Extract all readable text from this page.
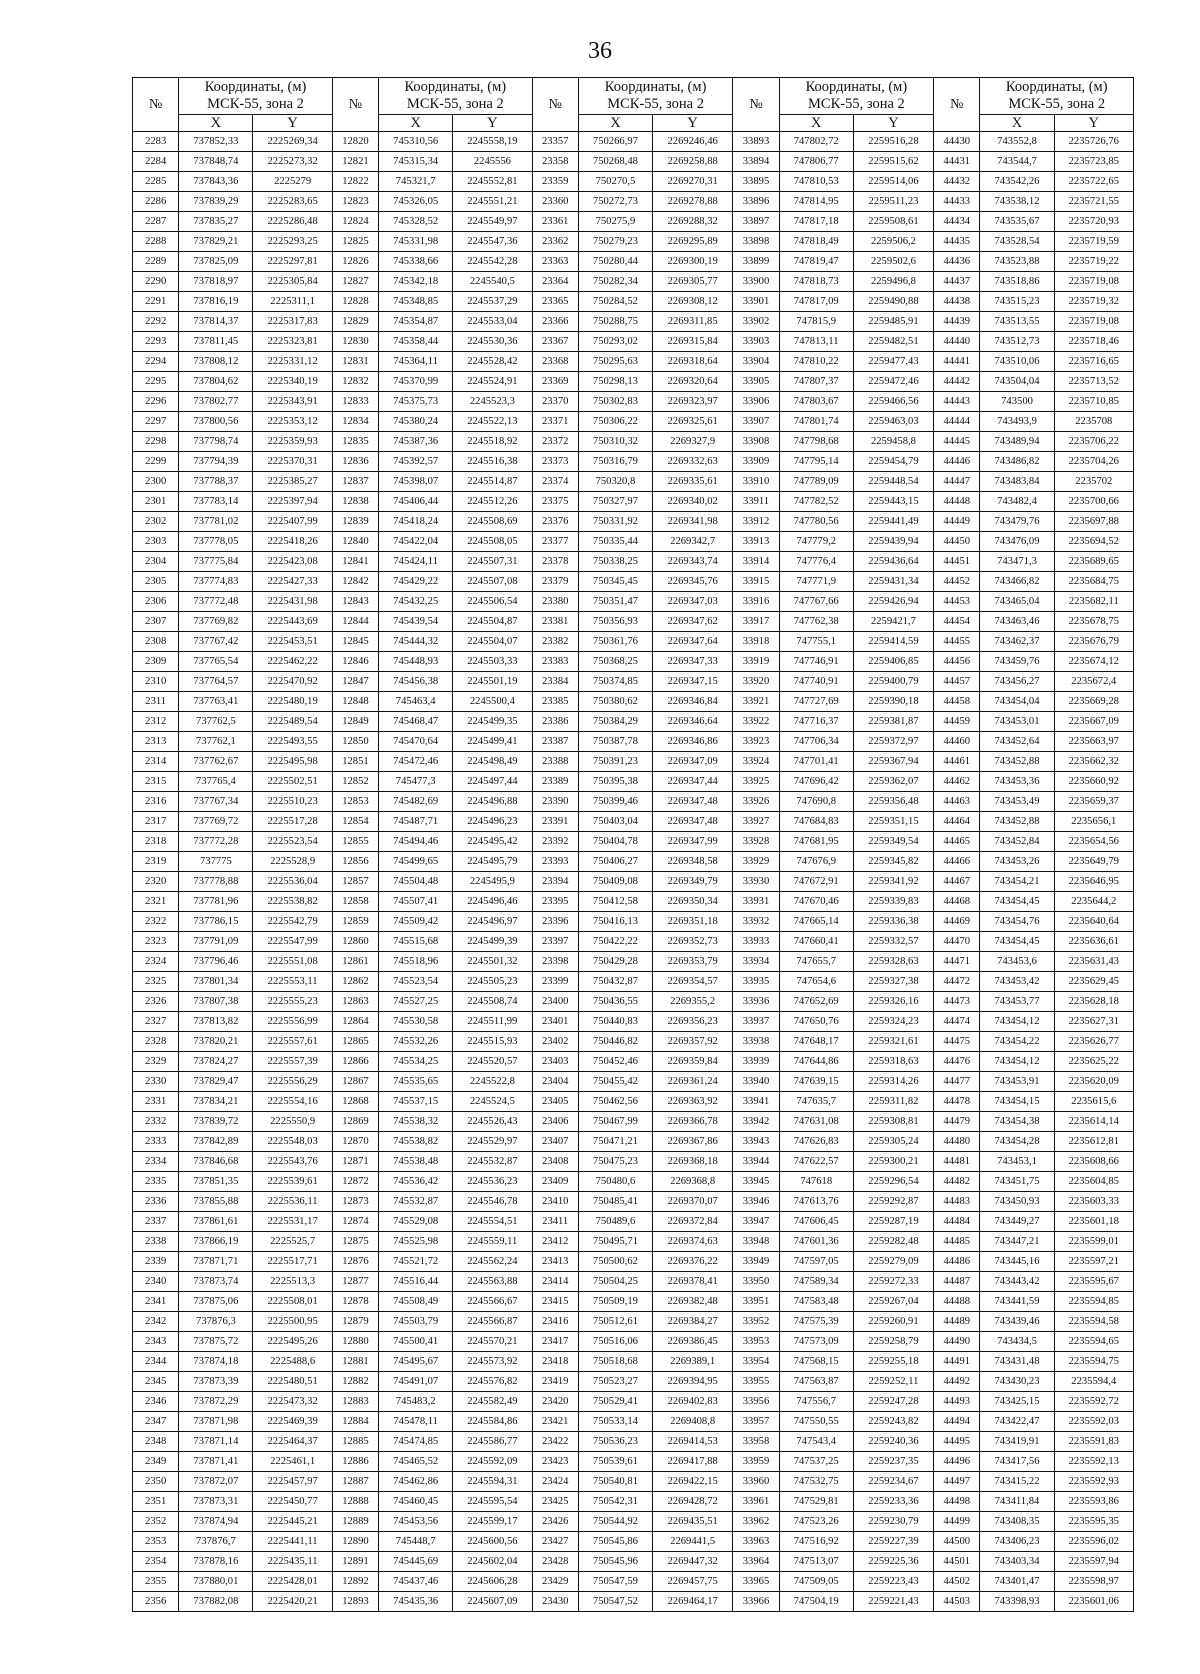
36
№	Координаты, (м)
МСК-55, зона 2		№	Координаты, (м)
МСК-55, зона 2		№	Координаты, (м)
МСК-55, зона 2		№	Координаты, (м)
МСК-55, зона 2		№	Координаты, (м)
МСК-55, зона 2	
	X	Y		X	Y		X	Y		X	Y		X	Y
2283	737852,33	2225269,34	12820	745310,56	2245558,19	23357	750266,97	2269246,46	33893	747802,72	2259516,28	44430	743552,8	2235726,76
2284	737848,74	2225273,32	12821	745315,34	2245556	23358	750268,48	2269258,88	33894	747806,77	2259515,62	44431	743544,7	2235723,85
2285	737843,36	2225279	12822	745321,7	2245552,81	23359	750270,5	2269270,31	33895	747810,53	2259514,06	44432	743542,26	2235722,65
2286	737839,29	2225283,65	12823	745326,05	2245551,21	23360	750272,73	2269278,88	33896	747814,95	2259511,23	44433	743538,12	2235721,55
2287	737835,27	2225286,48	12824	745328,52	2245549,97	23361	750275,9	2269288,32	33897	747817,18	2259508,61	44434	743535,67	2235720,93
2288	737829,21	2225293,25	12825	745331,98	2245547,36	23362	750279,23	2269295,89	33898	747818,49	2259506,2	44435	743528,54	2235719,59
2289	737825,09	2225297,81	12826	745338,66	2245542,28	23363	750280,44	2269300,19	33899	747819,47	2259502,6	44436	743523,88	2235719,22
2290	737818,97	2225305,84	12827	745342,18	2245540,5	23364	750282,34	2269305,77	33900	747818,73	2259496,8	44437	743518,86	2235719,08
2291	737816,19	2225311,1	12828	745348,85	2245537,29	23365	750284,52	2269308,12	33901	747817,09	2259490,88	44438	743515,23	2235719,32
2292	737814,37	2225317,83	12829	745354,87	2245533,04	23366	750288,75	2269311,85	33902	747815,9	2259485,91	44439	743513,55	2235719,08
2293	737811,45	2225323,81	12830	745358,44	2245530,36	23367	750293,02	2269315,84	33903	747813,11	2259482,51	44440	743512,73	2235718,46
2294	737808,12	2225331,12	12831	745364,11	2245528,42	23368	750295,63	2269318,64	33904	747810,22	2259477,43	44441	743510,06	2235716,65
2295	737804,62	2225340,19	12832	745370,99	2245524,91	23369	750298,13	2269320,64	33905	747807,37	2259472,46	44442	743504,04	2235713,52
2296	737802,77	2225343,91	12833	745375,73	2245523,3	23370	750302,83	2269323,97	33906	747803,67	2259466,56	44443	743500	2235710,85
2297	737800,56	2225353,12	12834	745380,24	2245522,13	23371	750306,22	2269325,61	33907	747801,74	2259463,03	44444	743493,9	2235708
2298	737798,74	2225359,93	12835	745387,36	2245518,92	23372	750310,32	2269327,9	33908	747798,68	2259458,8	44445	743489,94	2235706,22
2299	737794,39	2225370,31	12836	745392,57	2245516,38	23373	750316,79	2269332,63	33909	747795,14	2259454,79	44446	743486,82	2235704,26
2300	737788,37	2225385,27	12837	745398,07	2245514,87	23374	750320,8	2269335,61	33910	747789,09	2259448,54	44447	743483,84	2235702
2301	737783,14	2225397,94	12838	745406,44	2245512,26	23375	750327,97	2269340,02	33911	747782,52	2259443,15	44448	743482,4	2235700,66
2302	737781,02	2225407,99	12839	745418,24	2245508,69	23376	750331,92	2269341,98	33912	747780,56	2259441,49	44449	743479,76	2235697,88
2303	737778,05	2225418,26	12840	745422,04	2245508,05	23377	750335,44	2269342,7	33913	747779,2	2259439,94	44450	743476,09	2235694,52
2304	737775,84	2225423,08	12841	745424,11	2245507,31	23378	750338,25	2269343,74	33914	747776,4	2259436,64	44451	743471,3	2235689,65
2305	737774,83	2225427,33	12842	745429,22	2245507,08	23379	750345,45	2269345,76	33915	747771,9	2259431,34	44452	743466,82	2235684,75
2306	737772,48	2225431,98	12843	745432,25	2245506,54	23380	750351,47	2269347,03	33916	747767,66	2259426,94	44453	743465,04	2235682,11
2307	737769,82	2225443,69	12844	745439,54	2245504,87	23381	750356,93	2269347,62	33917	747762,38	2259421,7	44454	743463,46	2235678,75
2308	737767,42	2225453,51	12845	745444,32	2245504,07	23382	750361,76	2269347,64	33918	747755,1	2259414,59	44455	743462,37	2235676,79
2309	737765,54	2225462,22	12846	745448,93	2245503,33	23383	750368,25	2269347,33	33919	747746,91	2259406,85	44456	743459,76	2235674,12
2310	737764,57	2225470,92	12847	745456,38	2245501,19	23384	750374,85	2269347,15	33920	747740,91	2259400,79	44457	743456,27	2235672,4
2311	737763,41	2225480,19	12848	745463,4	2245500,4	23385	750380,62	2269346,84	33921	747727,69	2259390,18	44458	743454,04	2235669,28
2312	737762,5	2225489,54	12849	745468,47	2245499,35	23386	750384,29	2269346,64	33922	747716,37	2259381,87	44459	743453,01	2235667,09
2313	737762,1	2225493,55	12850	745470,64	2245499,41	23387	750387,78	2269346,86	33923	747706,34	2259372,97	44460	743452,64	2235663,97
2314	737762,67	2225495,98	12851	745472,46	2245498,49	23388	750391,23	2269347,09	33924	747701,41	2259367,94	44461	743452,88	2235662,32
2315	737765,4	2225502,51	12852	745477,3	2245497,44	23389	750395,38	2269347,44	33925	747696,42	2259362,07	44462	743453,36	2235660,92
2316	737767,34	2225510,23	12853	745482,69	2245496,88	23390	750399,46	2269347,48	33926	747690,8	2259356,48	44463	743453,49	2235659,37
2317	737769,72	2225517,28	12854	745487,71	2245496,23	23391	750403,04	2269347,48	33927	747684,83	2259351,15	44464	743452,88	2235656,1
2318	737772,28	2225523,54	12855	745494,46	2245495,42	23392	750404,78	2269347,99	33928	747681,95	2259349,54	44465	743452,84	2235654,56
2319	737775	2225528,9	12856	745499,65	2245495,79	23393	750406,27	2269348,58	33929	747676,9	2259345,82	44466	743453,26	2235649,79
2320	737778,88	2225536,04	12857	745504,48	2245495,9	23394	750409,08	2269349,79	33930	747672,91	2259341,92	44467	743454,21	2235646,95
2321	737781,96	2225538,82	12858	745507,41	2245496,46	23395	750412,58	2269350,34	33931	747670,46	2259339,83	44468	743454,45	2235644,2
2322	737786,15	2225542,79	12859	745509,42	2245496,97	23396	750416,13	2269351,18	33932	747665,14	2259336,38	44469	743454,76	2235640,64
2323	737791,09	2225547,99	12860	745515,68	2245499,39	23397	750422,22	2269352,73	33933	747660,41	2259332,57	44470	743454,45	2235636,61
2324	737796,46	2225551,08	12861	745518,96	2245501,32	23398	750429,28	2269353,79	33934	747655,7	2259328,63	44471	743453,6	2235631,43
2325	737801,34	2225553,11	12862	745523,54	2245505,23	23399	750432,87	2269354,57	33935	747654,6	2259327,38	44472	743453,42	2235629,45
2326	737807,38	2225555,23	12863	745527,25	2245508,74	23400	750436,55	2269355,2	33936	747652,69	2259326,16	44473	743453,77	2235628,18
2327	737813,82	2225556,99	12864	745530,58	2245511,99	23401	750440,83	2269356,23	33937	747650,76	2259324,23	44474	743454,12	2235627,31
2328	737820,21	2225557,61	12865	745532,26	2245515,93	23402	750446,82	2269357,92	33938	747648,17	2259321,61	44475	743454,22	2235626,77
2329	737824,27	2225557,39	12866	745534,25	2245520,57	23403	750452,46	2269359,84	33939	747644,86	2259318,63	44476	743454,12	2235625,22
2330	737829,47	2225556,29	12867	745535,65	2245522,8	23404	750455,42	2269361,24	33940	747639,15	2259314,26	44477	743453,91	2235620,09
2331	737834,21	2225554,16	12868	745537,15	2245524,5	23405	750462,56	2269363,92	33941	747635,7	2259311,82	44478	743454,15	2235615,6
2332	737839,72	2225550,9	12869	745538,32	2245526,43	23406	750467,99	2269366,78	33942	747631,08	2259308,81	44479	743454,38	2235614,14
2333	737842,89	2225548,03	12870	745538,82	2245529,97	23407	750471,21	2269367,86	33943	747626,83	2259305,24	44480	743454,28	2235612,81
2334	737846,68	2225543,76	12871	745538,48	2245532,87	23408	750475,23	2269368,18	33944	747622,57	2259300,21	44481	743453,1	2235608,66
2335	737851,35	2225539,61	12872	745536,42	2245536,23	23409	750480,6	2269368,8	33945	747618	2259296,54	44482	743451,75	2235604,85
2336	737855,88	2225536,11	12873	745532,87	2245546,78	23410	750485,41	2269370,07	33946	747613,76	2259292,87	44483	743450,93	2235603,33
2337	737861,61	2225531,17	12874	745529,08	2245554,51	23411	750489,6	2269372,84	33947	747606,45	2259287,19	44484	743449,27	2235601,18
2338	737866,19	2225525,7	12875	745525,98	2245559,11	23412	750495,71	2269374,63	33948	747601,36	2259282,48	44485	743447,21	2235599,01
2339	737871,71	2225517,71	12876	745521,72	2245562,24	23413	750500,62	2269376,22	33949	747597,05	2259279,09	44486	743445,16	2235597,21
2340	737873,74	2225513,3	12877	745516,44	2245563,88	23414	750504,25	2269378,41	33950	747589,34	2259272,33	44487	743443,42	2235595,67
2341	737875,06	2225508,01	12878	745508,49	2245566,67	23415	750509,19	2269382,48	33951	747583,48	2259267,04	44488	743441,59	2235594,85
2342	737876,3	2225500,95	12879	745503,79	2245566,87	23416	750512,61	2269384,27	33952	747575,39	2259260,91	44489	743439,46	2235594,58
2343	737875,72	2225495,26	12880	745500,41	2245570,21	23417	750516,06	2269386,45	33953	747573,09	2259258,79	44490	743434,5	2235594,65
2344	737874,18	2225488,6	12881	745495,67	2245573,92	23418	750518,68	2269389,1	33954	747568,15	2259255,18	44491	743431,48	2235594,75
2345	737873,39	2225480,51	12882	745491,07	2245576,82	23419	750523,27	2269394,95	33955	747563,87	2259252,11	44492	743430,23	2235594,4
2346	737872,29	2225473,32	12883	745483,2	2245582,49	23420	750529,41	2269402,83	33956	747556,7	2259247,28	44493	743425,15	2235592,72
2347	737871,98	2225469,39	12884	745478,11	2245584,86	23421	750533,14	2269408,8	33957	747550,55	2259243,82	44494	743422,47	2235592,03
2348	737871,14	2225464,37	12885	745474,85	2245586,77	23422	750536,23	2269414,53	33958	747543,4	2259240,36	44495	743419,91	2235591,83
2349	737871,41	2225461,1	12886	745465,52	2245592,09	23423	750539,61	2269417,88	33959	747537,25	2259237,35	44496	743417,56	2235592,13
2350	737872,07	2225457,97	12887	745462,86	2245594,31	23424	750540,81	2269422,15	33960	747532,75	2259234,67	44497	743415,22	2235592,93
2351	737873,31	2225450,77	12888	745460,45	2245595,54	23425	750542,31	2269428,72	33961	747529,81	2259233,36	44498	743411,84	2235593,86
2352	737874,94	2225445,21	12889	745453,56	2245599,17	23426	750544,92	2269435,51	33962	747523,26	2259230,79	44499	743408,35	2235595,35
2353	737876,7	2225441,11	12890	745448,7	2245600,56	23427	750545,86	2269441,5	33963	747516,92	2259227,39	44500	743406,23	2235596,02
2354	737878,16	2225435,11	12891	745445,69	2245602,04	23428	750545,96	2269447,32	33964	747513,07	2259225,36	44501	743403,34	2235597,94
2355	737880,01	2225428,01	12892	745437,46	2245606,28	23429	750547,59	2269457,75	33965	747509,05	2259223,43	44502	743401,47	2235598,97
2356	737882,08	2225420,21	12893	745435,36	2245607,09	23430	750547,52	2269464,17	33966	747504,19	2259221,43	44503	743398,93	2235601,06
